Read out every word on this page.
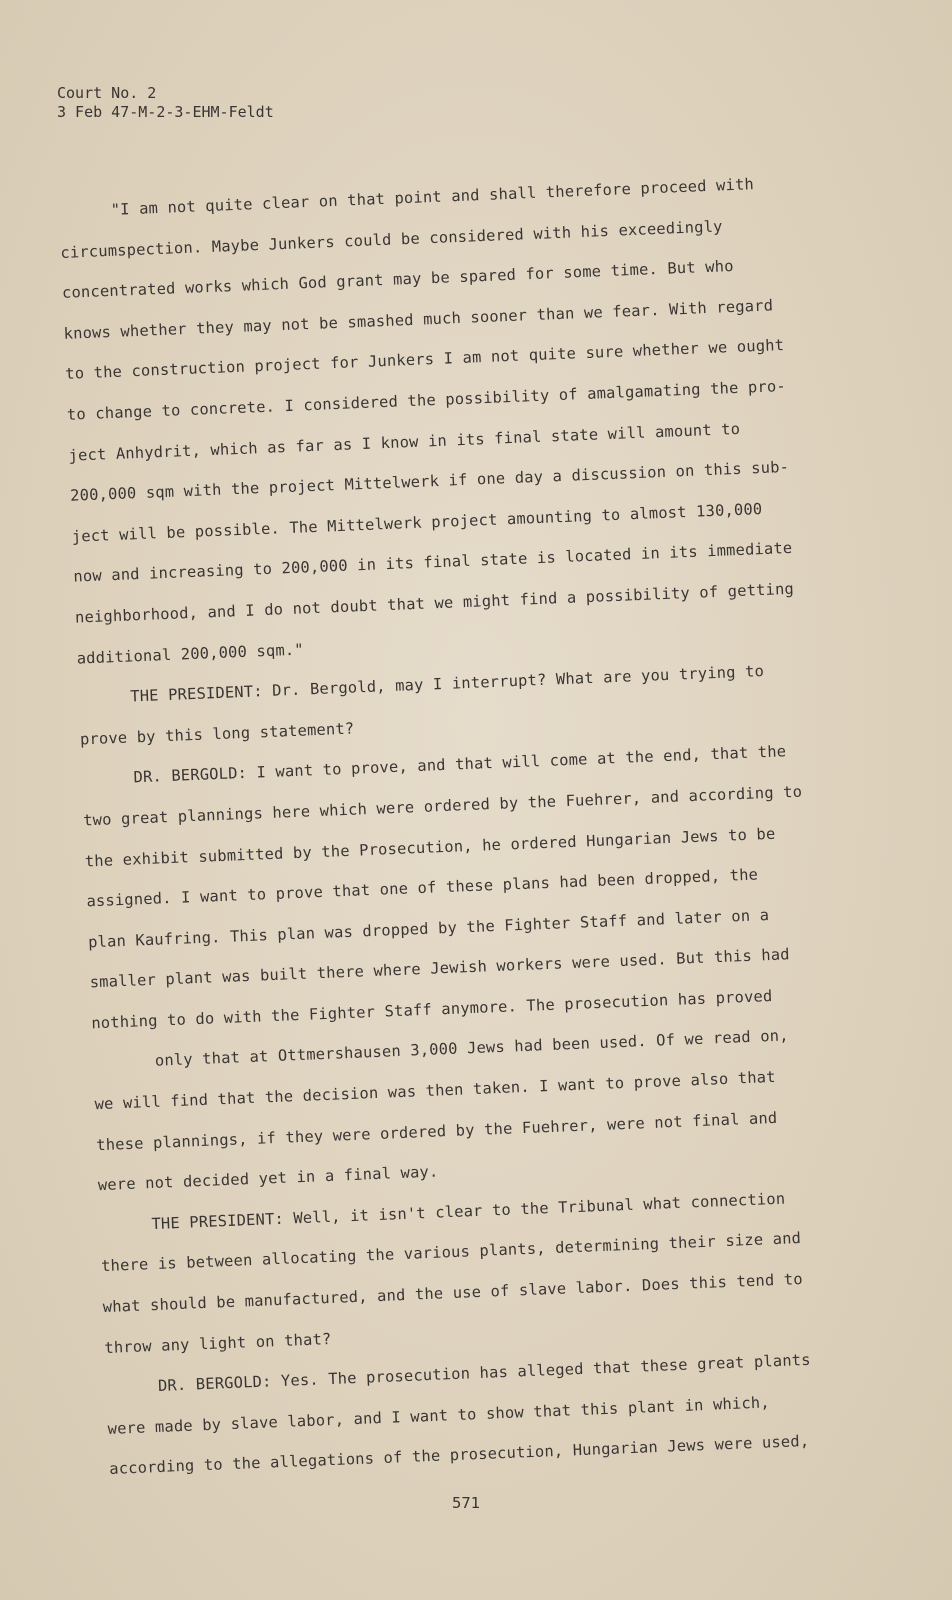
Court No. 2
3 Feb 47-M-2-3-EHM-Feldt
"I am not quite clear on that point and shall therefore proceed with
circumspection. Maybe Junkers could be considered with his exceedingly
concentrated works which God grant may be spared for some time. But who
knows whether they may not be smashed much sooner than we fear. With regard
to the construction project for Junkers I am not quite sure whether we ought
to change to concrete. I considered the possibility of amalgamating the pro-
ject Anhydrit, which as far as I know in its final state will amount to
200,000 sqm with the project Mittelwerk if one day a discussion on this sub-
ject will be possible. The Mittelwerk project amounting to almost 130,000
now and increasing to 200,000 in its final state is located in its immediate
neighborhood, and I do not doubt that we might find a possibility of getting
additional 200,000 sqm."
THE PRESIDENT: Dr. Bergold, may I interrupt? What are you trying to
prove by this long statement?
DR. BERGOLD: I want to prove, and that will come at the end, that the
two great plannings here which were ordered by the Fuehrer, and according to
the exhibit submitted by the Prosecution, he ordered Hungarian Jews to be
assigned. I want to prove that one of these plans had been dropped, the
plan Kaufring. This plan was dropped by the Fighter Staff and later on a
smaller plant was built there where Jewish workers were used. But this had
nothing to do with the Fighter Staff anymore. The prosecution has proved
only that at Ottmershausen 3,000 Jews had been used. Of we read on,
we will find that the decision was then taken. I want to prove also that
these plannings, if they were ordered by the Fuehrer, were not final and
were not decided yet in a final way.
THE PRESIDENT: Well, it isn't clear to the Tribunal what connection
there is between allocating the various plants, determining their size and
what should be manufactured, and the use of slave labor. Does this tend to
throw any light on that?
DR. BERGOLD: Yes. The prosecution has alleged that these great plants
were made by slave labor, and I want to show that this plant in which,
according to the allegations of the prosecution, Hungarian Jews were used,
571
